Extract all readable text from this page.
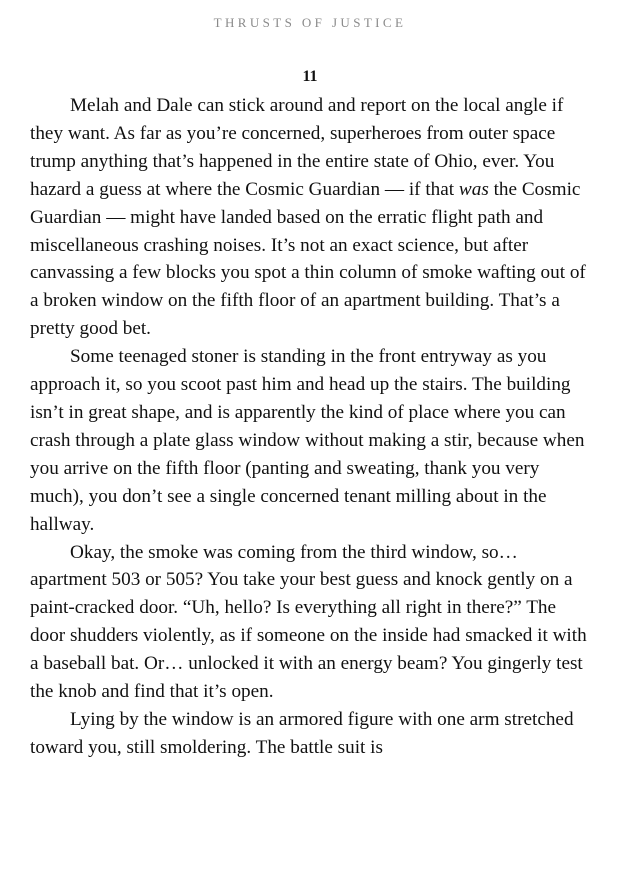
THRUSTS OF JUSTICE
11

Melah and Dale can stick around and report on the local angle if they want. As far as you’re concerned, superheroes from outer space trump anything that’s happened in the entire state of Ohio, ever. You hazard a guess at where the Cosmic Guardian — if that was the Cosmic Guardian — might have landed based on the erratic flight path and miscellaneous crashing noises. It’s not an exact science, but after canvassing a few blocks you spot a thin column of smoke wafting out of a broken window on the fifth floor of an apartment building. That’s a pretty good bet.

Some teenaged stoner is standing in the front entryway as you approach it, so you scoot past him and head up the stairs. The building isn’t in great shape, and is apparently the kind of place where you can crash through a plate glass window without making a stir, because when you arrive on the fifth floor (panting and sweating, thank you very much), you don’t see a single concerned tenant milling about in the hallway.

Okay, the smoke was coming from the third window, so… apartment 503 or 505? You take your best guess and knock gently on a paint-cracked door. “Uh, hello? Is everything all right in there?” The door shudders violently, as if someone on the inside had smacked it with a baseball bat. Or… unlocked it with an energy beam? You gingerly test the knob and find that it’s open.

Lying by the window is an armored figure with one arm stretched toward you, still smoldering. The battle suit is
